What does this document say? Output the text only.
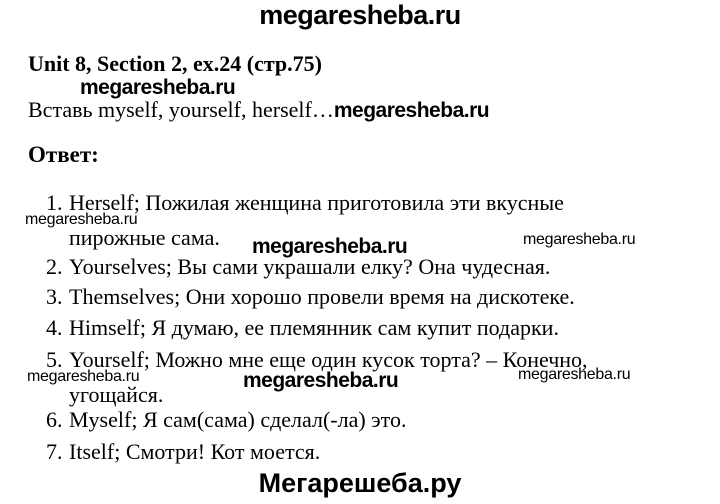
megaresheba.ru
Unit 8, Section 2, ex.24 (стр.75)
megaresheba.ru
Вставь myself, yourself, herself…megaresheba.ru
Ответ:
1. Herself; Пожилая женщина приготовила эти вкусные
пирожные сама.
2. Yourselves; Вы сами украшали елку? Она чудесная.
3. Themselves; Они хорошо провели время на дискотеке.
4. Himself; Я думаю, ее племянник сам купит подарки.
5. Yourself; Можно мне еще один кусок торта? – Конечно,
угощайся.
6. Myself; Я сам(сама) сделал(-ла) это.
7. Itself; Смотри! Кот моется.
megaresheba.ru
megaresheba.ru	megaresheba.ru
megaresheba.ru	megaresheba.ru	megaresheba.ru
Мегарешеба.ру
